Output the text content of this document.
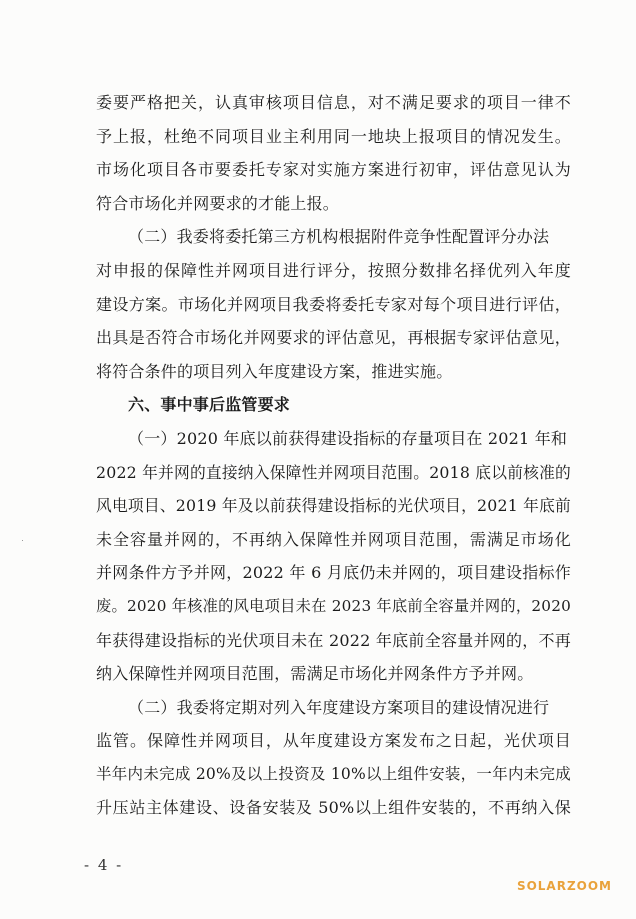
委要严格把关，认真审核项目信息，对不满足要求的项目一律不
予上报，杜绝不同项目业主利用同一地块上报项目的情况发生。
市场化项目各市要委托专家对实施方案进行初审，评估意见认为
符合市场化并网要求的才能上报。
（二）我委将委托第三方机构根据附件竞争性配置评分办法
对申报的保障性并网项目进行评分，按照分数排名择优列入年度
建设方案。市场化并网项目我委将委托专家对每个项目进行评估，
出具是否符合市场化并网要求的评估意见，再根据专家评估意见，
将符合条件的项目列入年度建设方案，推进实施。
六、事中事后监管要求
（一）2020 年底以前获得建设指标的存量项目在 2021 年和
2022 年并网的直接纳入保障性并网项目范围。2018 底以前核准的
风电项目、2019 年及以前获得建设指标的光伏项目，2021 年底前
未全容量并网的，不再纳入保障性并网项目范围，需满足市场化
并网条件方予并网，2022 年 6 月底仍未并网的，项目建设指标作
废。2020 年核准的风电项目未在 2023 年底前全容量并网的，2020
年获得建设指标的光伏项目未在 2022 年底前全容量并网的，不再
纳入保障性并网项目范围，需满足市场化并网条件方予并网。
（二）我委将定期对列入年度建设方案项目的建设情况进行
监管。保障性并网项目，从年度建设方案发布之日起，光伏项目
半年内未完成 20%及以上投资及 10%以上组件安装，一年内未完成
升压站主体建设、设备安装及 50%以上组件安装的，不再纳入保
- 4 -
SOLARZOOM
